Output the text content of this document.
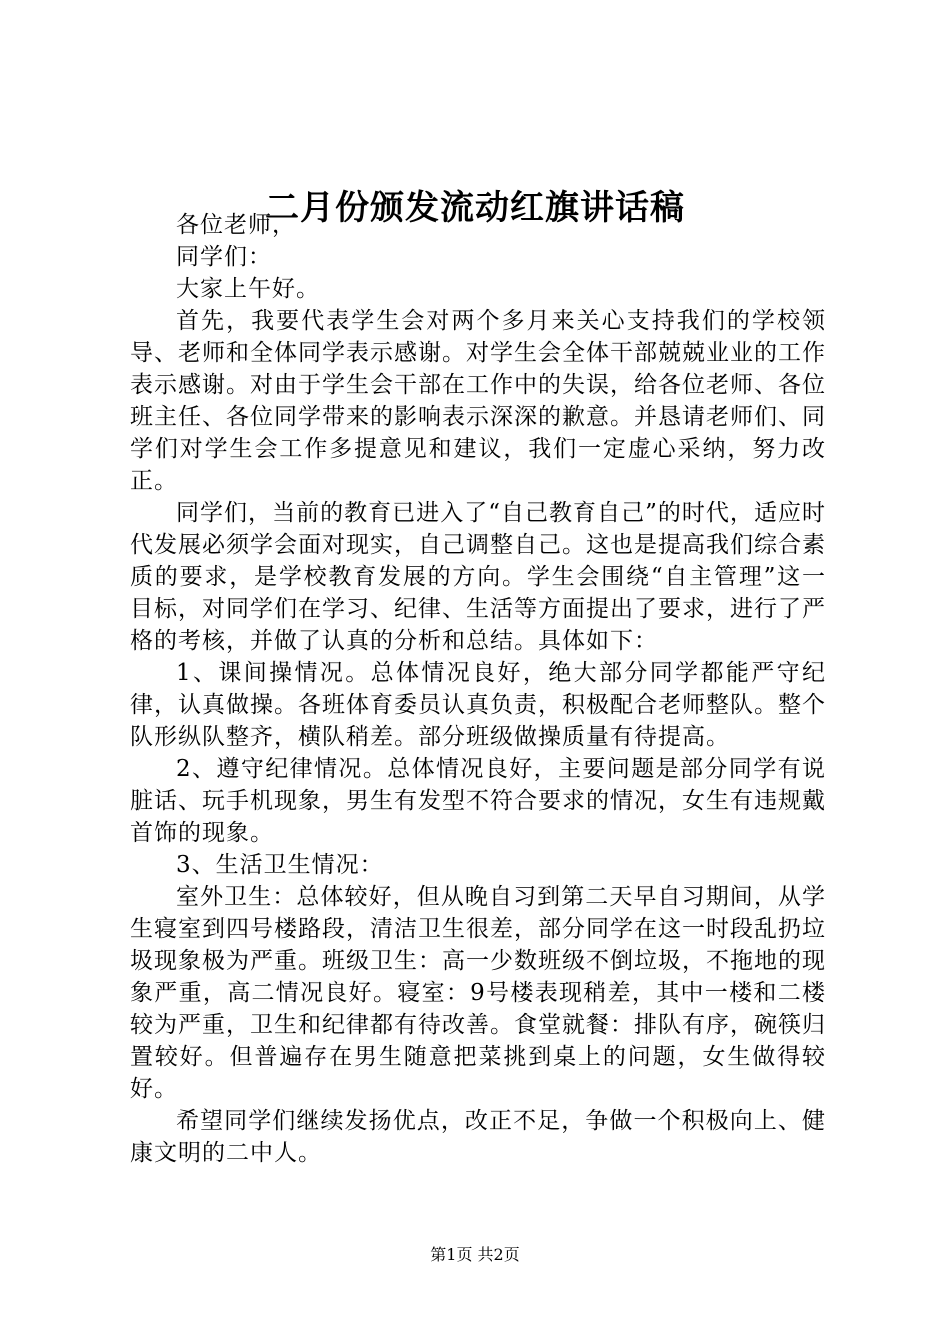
二月份颁发流动红旗讲话稿

各位老师，

同学们：

大家上午好。

首先，我要代表学生会对两个多月来关心支持我们的学校领导、老师和全体同学表示感谢。对学生会全体干部兢兢业业的工作表示感谢。对由于学生会干部在工作中的失误，给各位老师、各位班主任、各位同学带来的影响表示深深的歉意。并恳请老师们、同学们对学生会工作多提意见和建议，我们一定虚心采纳，努力改正。

同学们，当前的教育已进入了“自己教育自己”的时代，适应时代发展必须学会面对现实，自己调整自己。这也是提高我们综合素质的要求，是学校教育发展的方向。学生会围绕“自主管理”这一目标，对同学们在学习、纪律、生活等方面提出了要求，进行了严格的考核，并做了认真的分析和总结。具体如下：

1、课间操情况。总体情况良好，绝大部分同学都能严守纪律，认真做操。各班体育委员认真负责，积极配合老师整队。整个队形纵队整齐，横队稍差。部分班级做操质量有待提高。

2、遵守纪律情况。总体情况良好，主要问题是部分同学有说脏话、玩手机现象，男生有发型不符合要求的情况，女生有违规戴首饰的现象。

3、生活卫生情况：

室外卫生：总体较好，但从晚自习到第二天早自习期间，从学生寝室到四号楼路段，清洁卫生很差，部分同学在这一时段乱扔垃圾现象极为严重。班级卫生：高一少数班级不倒垃圾，不拖地的现象严重，高二情况良好。寝室：9号楼表现稍差，其中一楼和二楼较为严重，卫生和纪律都有待改善。食堂就餐：排队有序，碗筷归置较好。但普遍存在男生随意把菜挑到桌上的问题，女生做得较好。

希望同学们继续发扬优点，改正不足，争做一个积极向上、健康文明的二中人。

第1页 共2页
